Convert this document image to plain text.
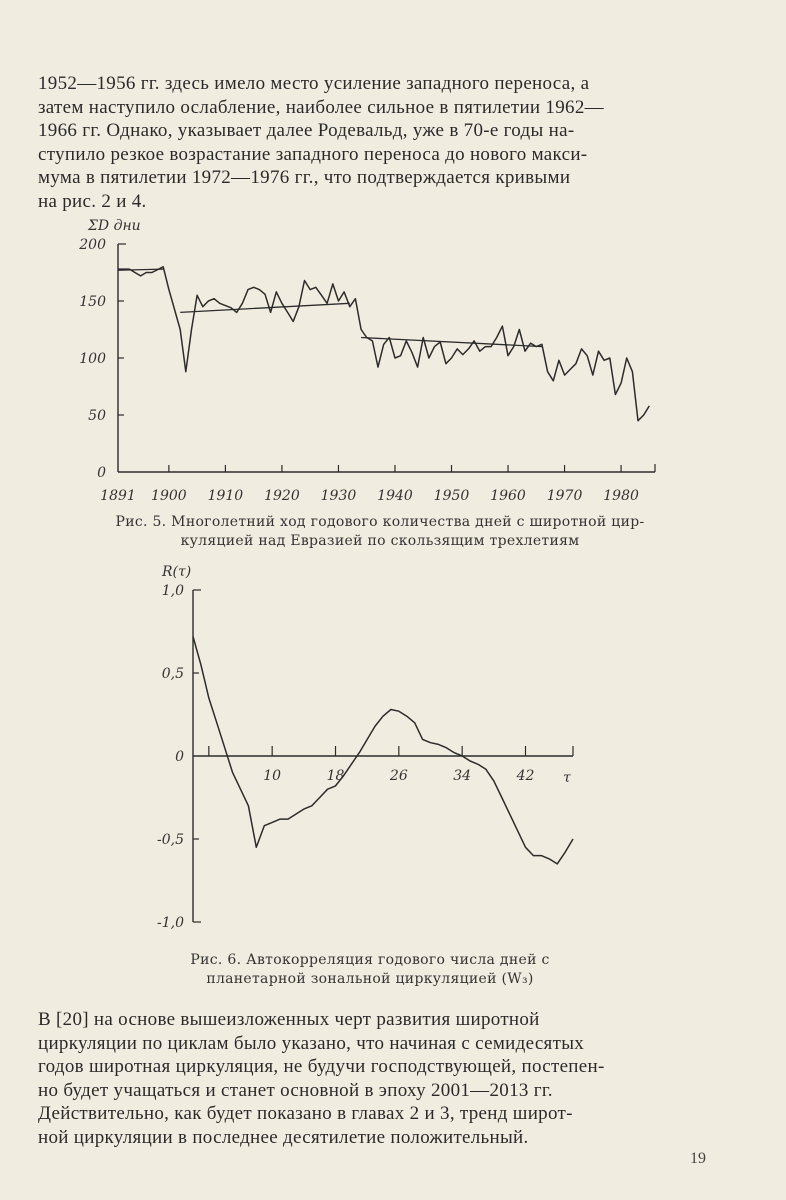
1952—1956 гг. здесь имело место усиление западного переноса, а
затем наступило ослабление, наиболее сильное в пятилетии 1962—
1966 гг. Однако, указывает далее Родевальд, уже в 70-е годы на-
ступило резкое возрастание западного переноса до нового макси-
мума в пятилетии 1972—1976 гг., что подтверждается кривыми
на рис. 2 и 4.
0
50
100
150
200
1891 1900 1910 1920 1930 1940 1950 1960 1970 1980
ΣD дни
Рис. 5. Многолетний ход годового количества дней с широтной цир-
куляцией над Евразией по скользящим трехлетиям
1,0
0,5
0
-0,5
-1,0
10	18	26	34	42
R(τ)
τ
Рис. 6. Автокорреляция годового числа дней с
планетарной зональной циркуляцией (W₃)
В [20] на основе вышеизложенных черт развития широтной
циркуляции по циклам было указано, что начиная с семидесятых
годов широтная циркуляция, не будучи господствующей, постепен-
но будет учащаться и станет основной в эпоху 2001—2013 гг.
Действительно, как будет показано в главах 2 и 3, тренд широт-
ной циркуляции в последнее десятилетие положительный.
19
